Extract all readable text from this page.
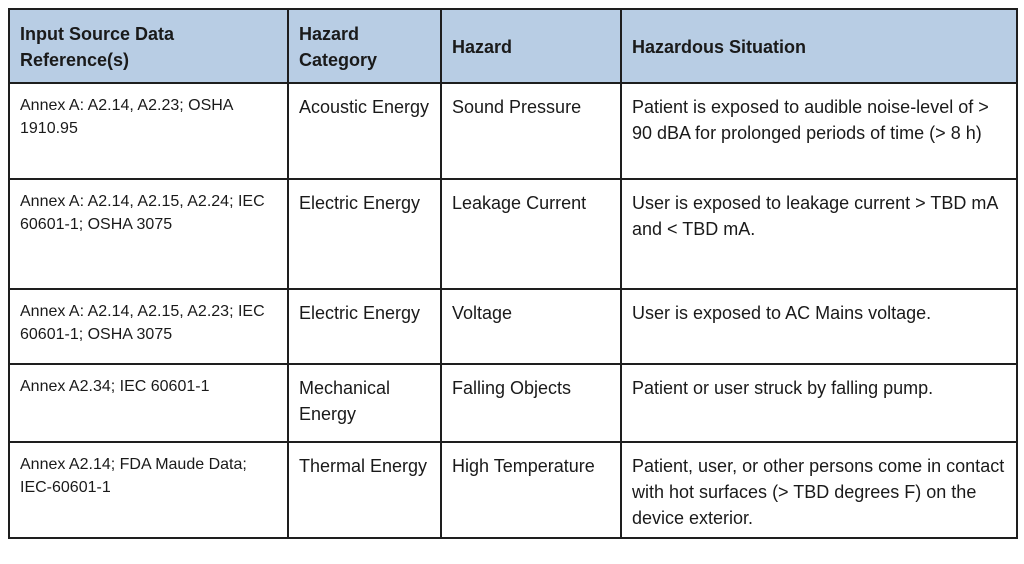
Input Source Data Reference(s)	Hazard Category	Hazard	Hazardous Situation
Annex A: A2.14, A2.23; OSHA 1910.95	Acoustic Energy	Sound Pressure	Patient is exposed to audible noise-level of > 90 dBA for prolonged periods of time (> 8 h)
Annex A: A2.14, A2.15, A2.24; IEC 60601-1; OSHA 3075	Electric Energy	Leakage Current	User is exposed to leakage current > TBD mA and < TBD mA.
Annex A: A2.14, A2.15, A2.23; IEC 60601-1; OSHA 3075	Electric Energy	Voltage	User is exposed to AC Mains voltage.
Annex A2.34; IEC 60601-1	Mechanical Energy	Falling Objects	Patient or user struck by falling pump.
Annex A2.14; FDA Maude Data; IEC-60601-1	Thermal Energy	High Temperature	Patient, user, or other persons come in contact with hot surfaces (> TBD degrees F) on the device exterior.
